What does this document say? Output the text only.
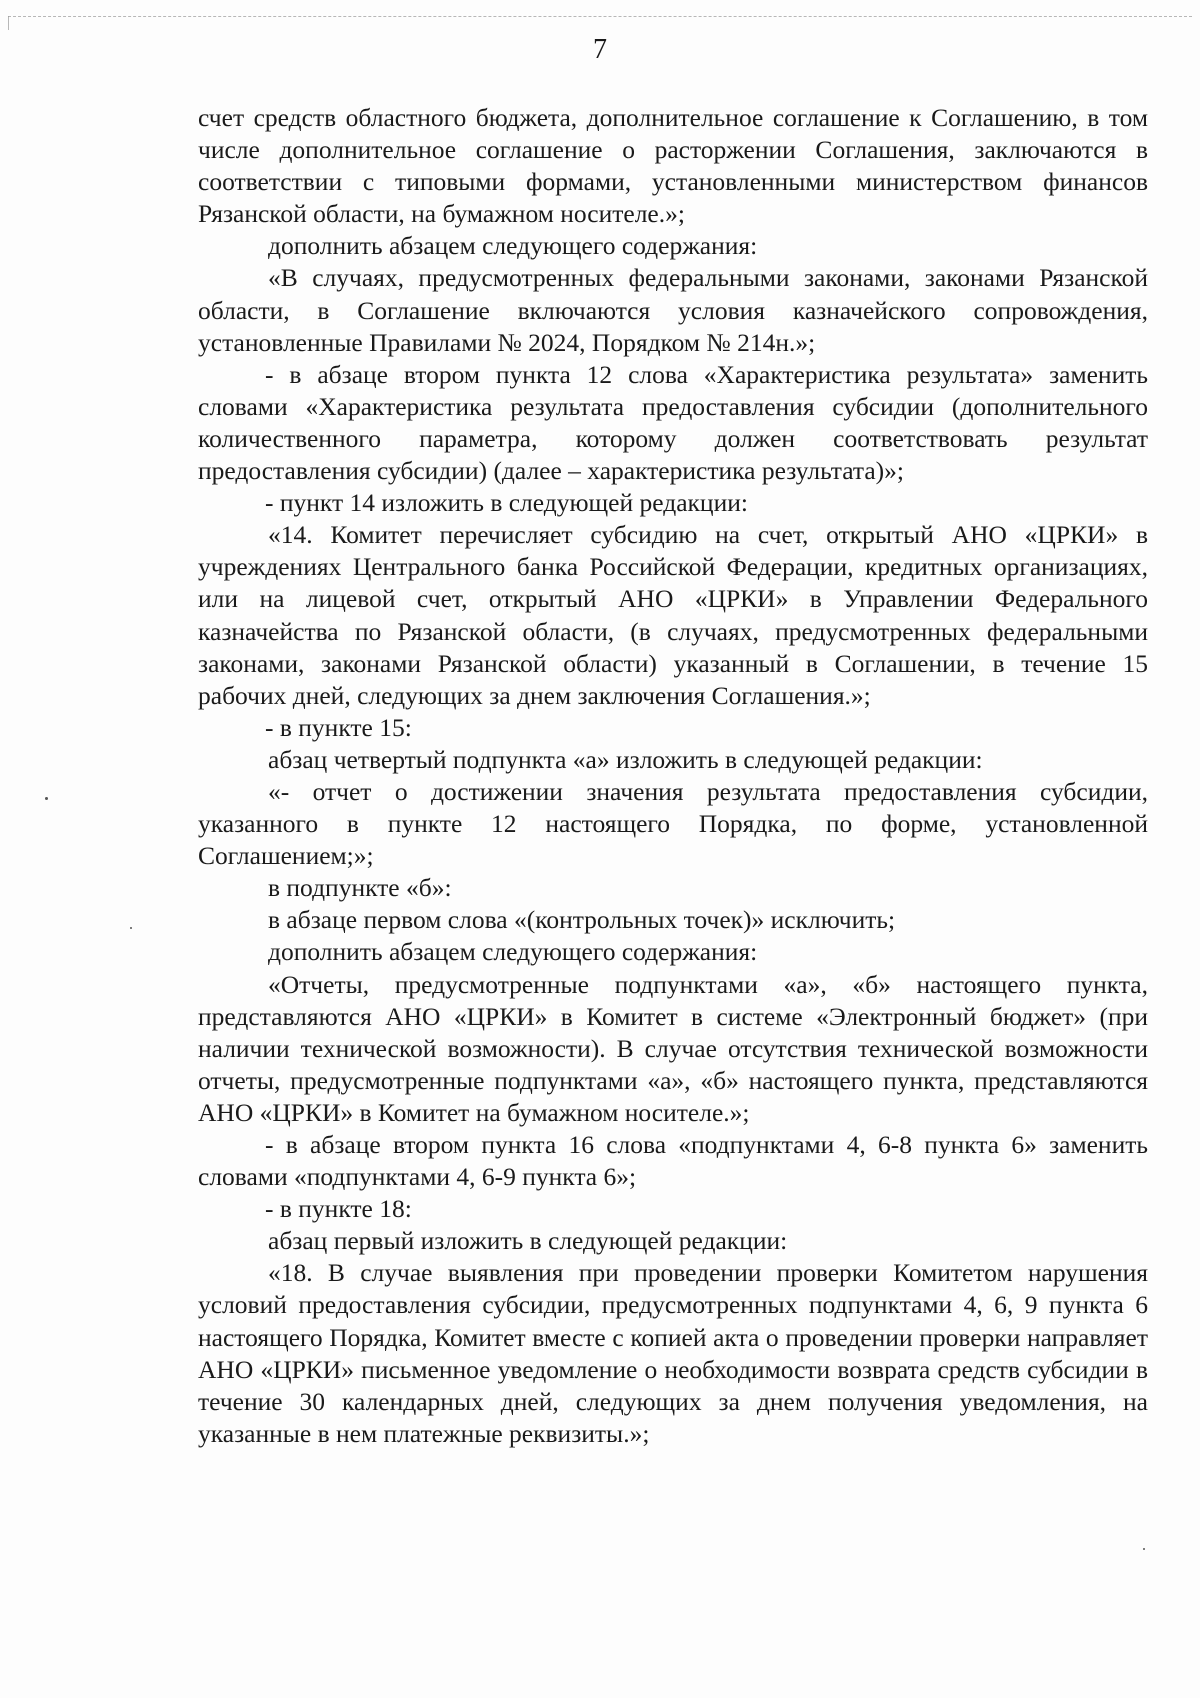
7

счет средств областного бюджета, дополнительное соглашение к Соглашению, в том числе дополнительное соглашение о расторжении Соглашения, заключаются в соответствии с типовыми формами, установленными министерством финансов Рязанской области, на бумажном носителе.»;

дополнить абзацем следующего содержания:

«В случаях, предусмотренных федеральными законами, законами Рязанской области, в Соглашение включаются условия казначейского сопровождения, установленные Правилами № 2024, Порядком № 214н.»;

- в абзаце втором пункта 12 слова «Характеристика результата» заменить словами «Характеристика результата предоставления субсидии (дополнительного количественного параметра, которому должен соответствовать результат предоставления субсидии) (далее – характеристика результата)»;

- пункт 14 изложить в следующей редакции:

«14. Комитет перечисляет субсидию на счет, открытый АНО «ЦРКИ» в учреждениях Центрального банка Российской Федерации, кредитных организациях, или на лицевой счет, открытый АНО «ЦРКИ» в Управлении Федерального казначейства по Рязанской области, (в случаях, предусмотренных федеральными законами, законами Рязанской области) указанный в Соглашении, в течение 15 рабочих дней, следующих за днем заключения Соглашения.»;

- в пункте 15:

абзац четвертый подпункта «а» изложить в следующей редакции:

«- отчет о достижении значения результата предоставления субсидии, указанного в пункте 12 настоящего Порядка, по форме, установленной Соглашением;»;

в подпункте «б»:

в абзаце первом слова «(контрольных точек)» исключить;

дополнить абзацем следующего содержания:

«Отчеты, предусмотренные подпунктами «а», «б» настоящего пункта, представляются АНО «ЦРКИ» в Комитет в системе «Электронный бюджет» (при наличии технической возможности). В случае отсутствия технической возможности отчеты, предусмотренные подпунктами «а», «б» настоящего пункта, представляются АНО «ЦРКИ» в Комитет на бумажном носителе.»;

- в абзаце втором пункта 16 слова «подпунктами 4, 6-8 пункта 6» заменить словами «подпунктами 4, 6-9 пункта 6»;

- в пункте 18:

абзац первый изложить в следующей редакции:

«18. В случае выявления при проведении проверки Комитетом нарушения условий предоставления субсидии, предусмотренных подпунктами 4, 6, 9 пункта 6 настоящего Порядка, Комитет вместе с копией акта о проведении проверки направляет АНО «ЦРКИ» письменное уведомление о необходимости возврата средств субсидии в течение 30 календарных дней, следующих за днем получения уведомления, на указанные в нем платежные реквизиты.»;
